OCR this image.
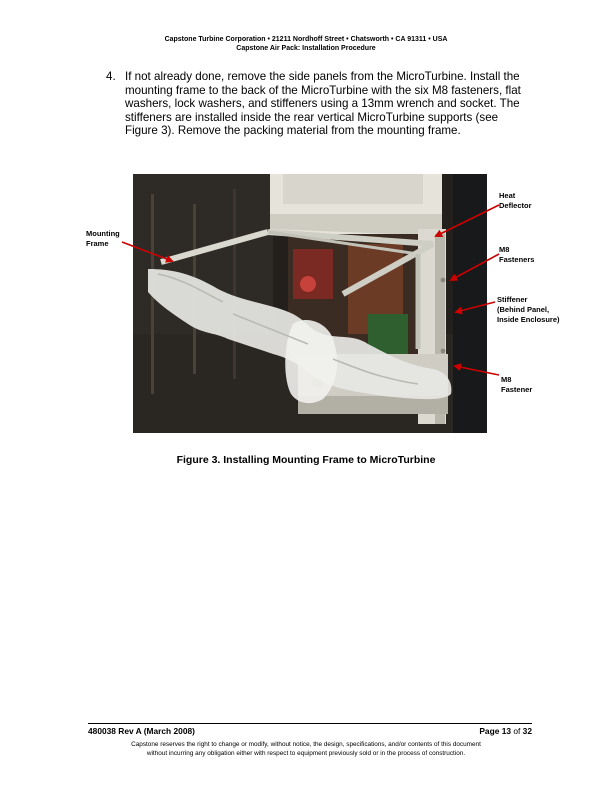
Capstone Turbine Corporation • 21211 Nordhoff Street • Chatsworth • CA 91311 • USA
Capstone Air Pack: Installation Procedure
4. If not already done, remove the side panels from the MicroTurbine. Install the mounting frame to the back of the MicroTurbine with the six M8 fasteners, flat washers, lock washers, and stiffeners using a 13mm wrench and socket. The stiffeners are installed inside the rear vertical MicroTurbine supports (see Figure 3). Remove the packing material from the mounting frame.
Mounting
Frame
Heat
Deflector
M8
Fasteners
Stiffener
(Behind Panel,
Inside Enclosure)
M8
Fastener
Figure 3. Installing Mounting Frame to MicroTurbine
480038 Rev A (March 2008)	Page 13 of 32
Capstone reserves the right to change or modify, without notice, the design, specifications, and/or contents of this document
without incurring any obligation either with respect to equipment previously sold or in the process of construction.
